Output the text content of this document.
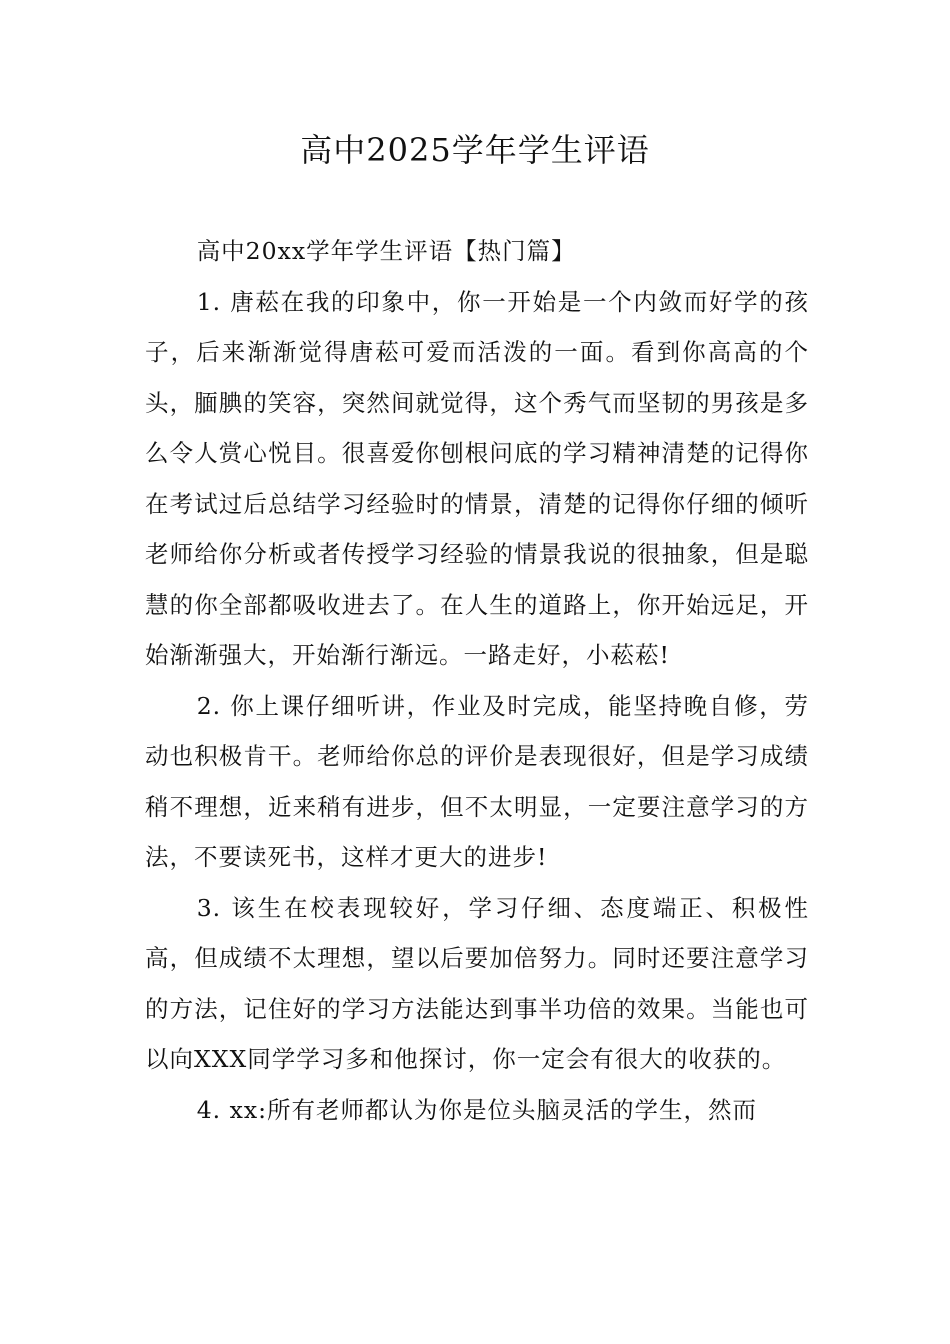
高中2025学年学生评语

高中20xx学年学生评语【热门篇】

1. 唐菘在我的印象中，你一开始是一个内敛而好学的孩子，后来渐渐觉得唐菘可爱而活泼的一面。看到你高高的个头，腼腆的笑容，突然间就觉得，这个秀气而坚韧的男孩是多么令人赏心悦目。很喜爱你刨根问底的学习精神清楚的记得你在考试过后总结学习经验时的情景，清楚的记得你仔细的倾听老师给你分析或者传授学习经验的情景我说的很抽象，但是聪慧的你全部都吸收进去了。在人生的道路上，你开始远足，开始渐渐强大，开始渐行渐远。一路走好，小菘菘!

2. 你上课仔细听讲，作业及时完成，能坚持晚自修，劳动也积极肯干。老师给你总的评价是表现很好，但是学习成绩稍不理想，近来稍有进步，但不太明显，一定要注意学习的方法，不要读死书，这样才更大的进步!

3. 该生在校表现较好，学习仔细、态度端正、积极性高，但成绩不太理想，望以后要加倍努力。同时还要注意学习的方法，记住好的学习方法能达到事半功倍的效果。当能也可以向XXX同学学习多和他探讨，你一定会有很大的收获的。

4. xx:所有老师都认为你是位头脑灵活的学生，然而
